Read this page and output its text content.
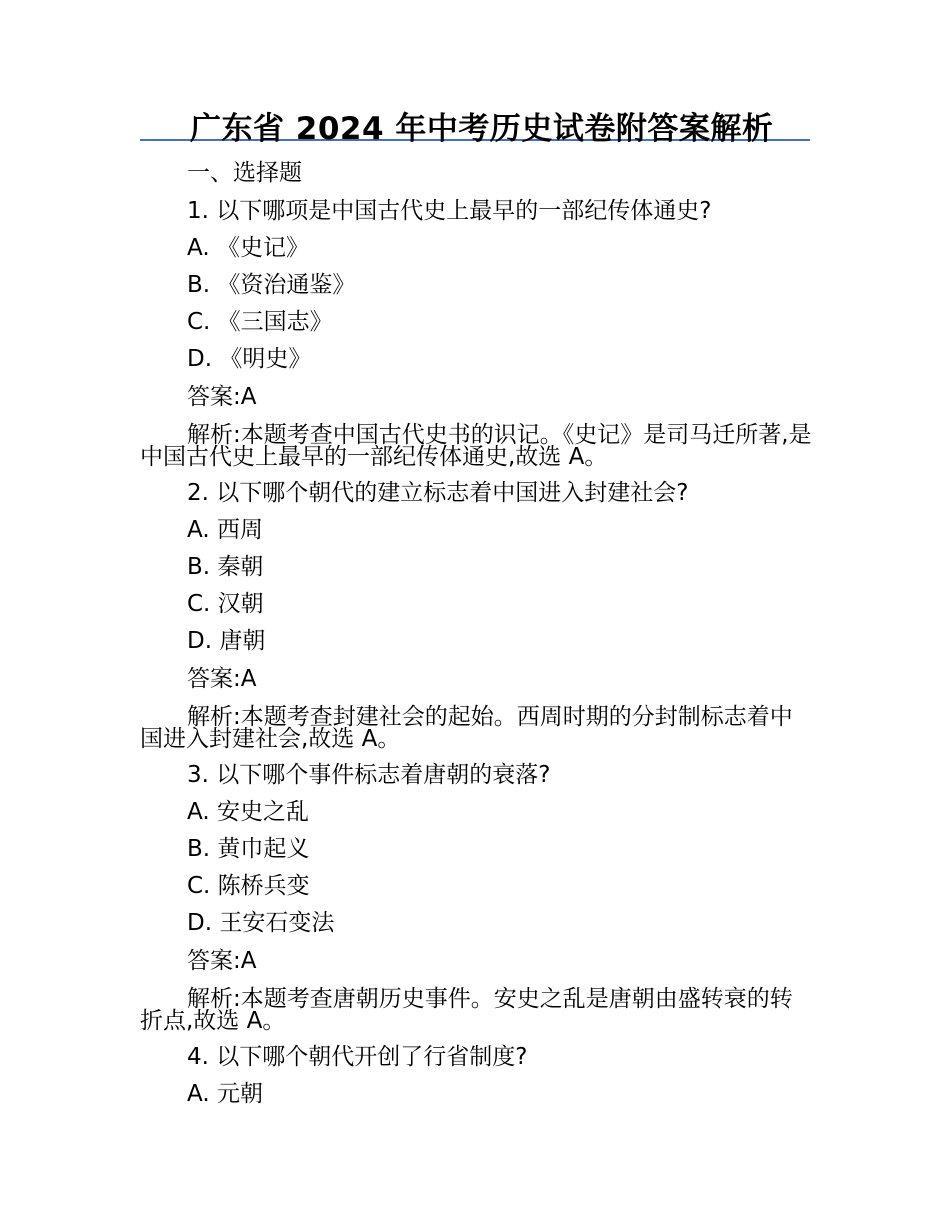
广东省 2024 年中考历史试卷附答案解析
一、选择题
1. 以下哪项是中国古代史上最早的一部纪传体通史?
A. 《史记》
B. 《资治通鉴》
C. 《三国志》
D. 《明史》
答案:A
解析:本题考查中国古代史书的识记。《史记》是司马迁所著,是中国古代史上最早的一部纪传体通史,故选 A。
2. 以下哪个朝代的建立标志着中国进入封建社会?
A. 西周
B. 秦朝
C. 汉朝
D. 唐朝
答案:A
解析:本题考查封建社会的起始。西周时期的分封制标志着中国进入封建社会,故选 A。
3. 以下哪个事件标志着唐朝的衰落?
A. 安史之乱
B. 黄巾起义
C. 陈桥兵变
D. 王安石变法
答案:A
解析:本题考查唐朝历史事件。安史之乱是唐朝由盛转衰的转折点,故选 A。
4. 以下哪个朝代开创了行省制度?
A. 元朝
